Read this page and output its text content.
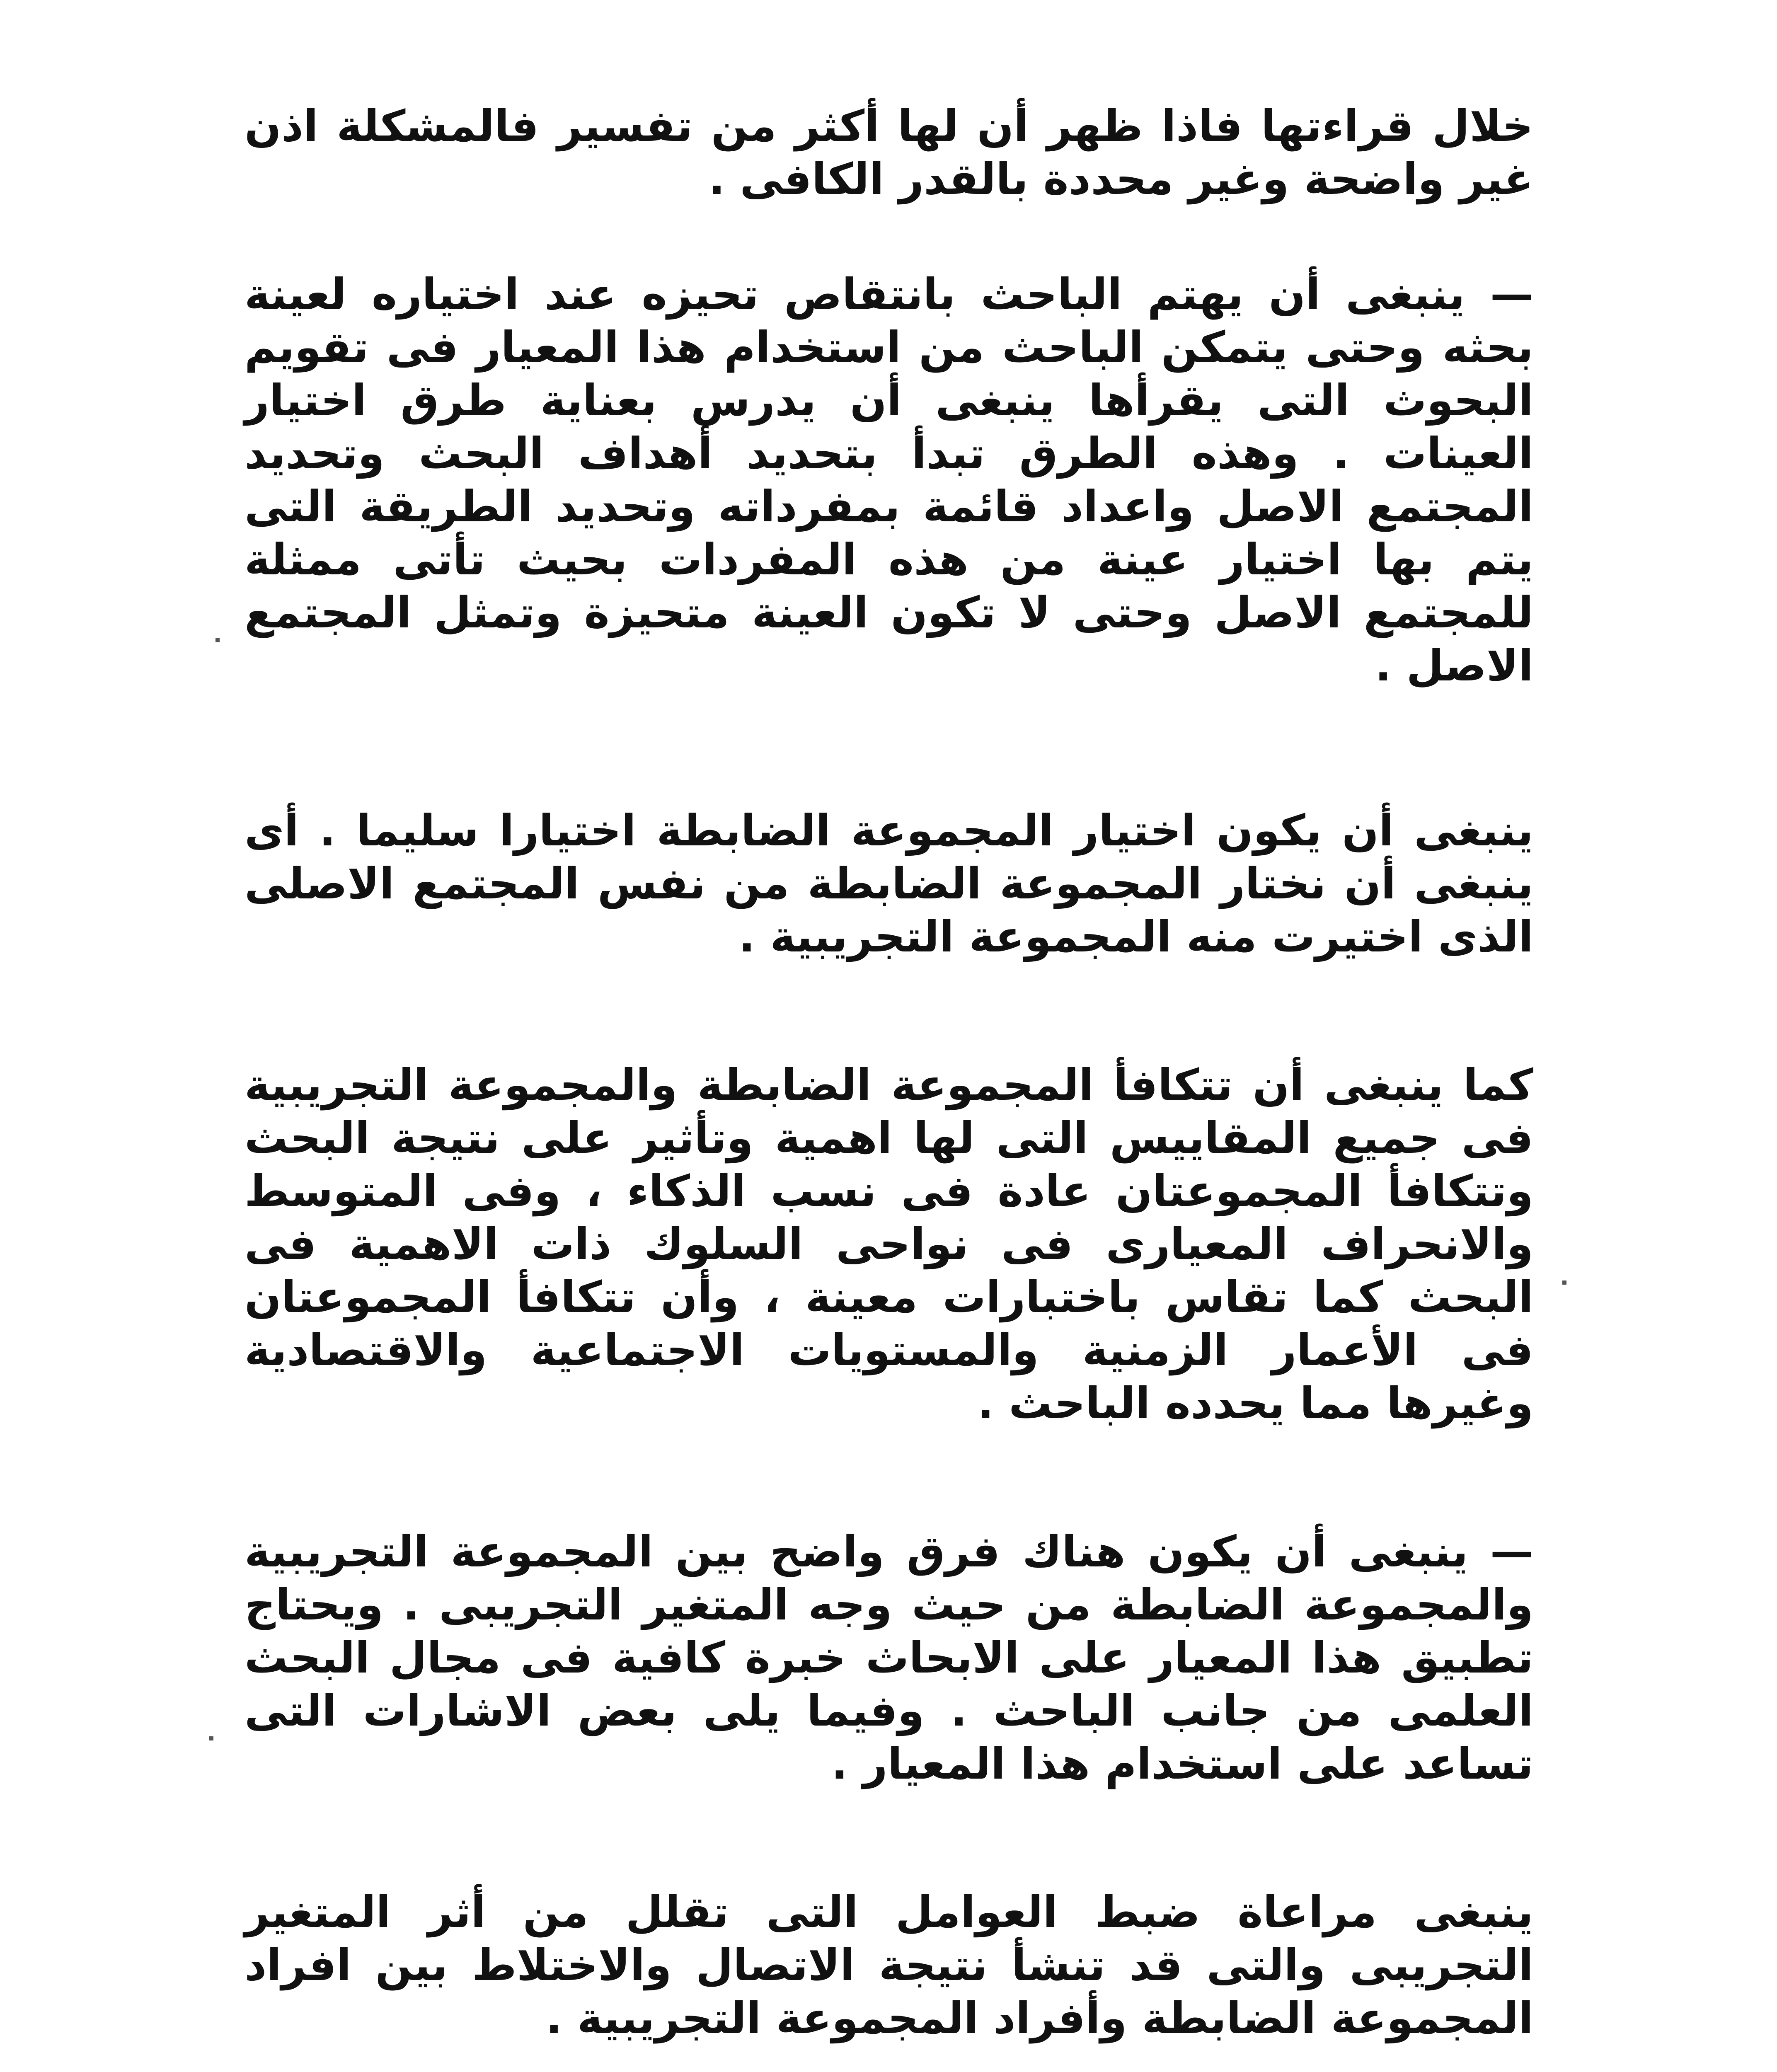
خلال قراءتها فاذا ظهر أن لها أكثر من تفسير فالمشكلة اذن غير واضحة وغير محددة بالقدر الكافى .

— ينبغى أن يهتم الباحث بانتقاص تحيزه عند اختياره لعينة بحثه وحتى يتمكن الباحث من استخدام هذا المعيار فى تقويم البحوث التى يقرأها ينبغى أن يدرس بعناية طرق اختيار العينات . وهذه الطرق تبدأ بتحديد أهداف البحث وتحديد المجتمع الاصل واعداد قائمة بمفرداته وتحديد الطريقة التى يتم بها اختيار عينة من هذه المفردات بحيث تأتى ممثلة للمجتمع الاصل وحتى لا تكون العينة متحيزة وتمثل المجتمع الاصل .

ينبغى أن يكون اختيار المجموعة الضابطة اختيارا سليما . أى ينبغى أن نختار المجموعة الضابطة من نفس المجتمع الاصلى الذى اختيرت منه المجموعة التجريبية .

كما ينبغى أن تتكافأ المجموعة الضابطة والمجموعة التجريبية فى جميع المقاييس التى لها اهمية وتأثير على نتيجة البحث وتتكافأ المجموعتان عادة فى نسب الذكاء ، وفى المتوسط والانحراف المعيارى فى نواحى السلوك ذات الاهمية فى البحث كما تقاس باختبارات معينة ، وأن تتكافأ المجموعتان فى الأعمار الزمنية والمستويات الاجتماعية والاقتصادية وغيرها مما يحدده الباحث .

— ينبغى أن يكون هناك فرق واضح بين المجموعة التجريبية والمجموعة الضابطة من حيث وجه المتغير التجريبى . ويحتاج تطبيق هذا المعيار على الابحاث خبرة كافية فى مجال البحث العلمى من جانب الباحث . وفيما يلى بعض الاشارات التى تساعد على استخدام هذا المعيار .

ينبغى مراعاة ضبط العوامل التى تقلل من أثر المتغير التجريبى والتى قد تنشأ نتيجة الاتصال والاختلاط بين افراد المجموعة الضابطة وأفراد المجموعة التجريبية .
